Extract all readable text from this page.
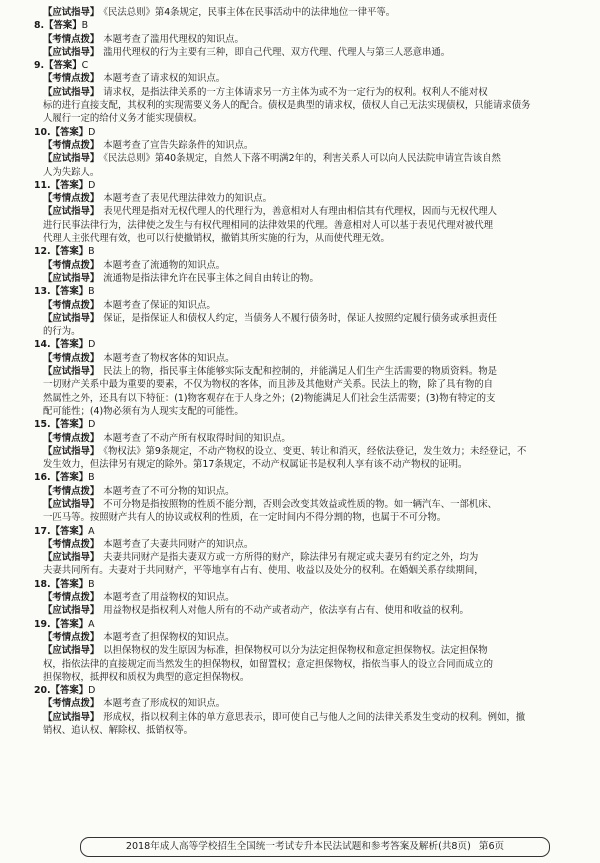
【应试指导】 《民法总则》第4条规定，民事主体在民事活动中的法律地位一律平等。
8.【答案】B
【考情点拨】 本题考查了滥用代理权的知识点。
【应试指导】 滥用代理权的行为主要有三种，即自己代理、双方代理、代理人与第三人恶意串通。
9.【答案】C
【考情点拨】 本题考查了请求权的知识点。
【应试指导】 请求权，是指法律关系的一方主体请求另一方主体为或不为一定行为的权利。权利人不能对权
标的进行直接支配，其权利的实现需要义务人的配合。债权是典型的请求权，债权人自己无法实现债权，只能请求债务
人履行一定的给付义务才能实现债权。
10.【答案】D
【考情点拨】 本题考查了宣告失踪条件的知识点。
【应试指导】 《民法总则》第40条规定，自然人下落不明满2年的，利害关系人可以向人民法院申请宣告该自然
人为失踪人。
11.【答案】D
【考情点拨】 本题考查了表见代理法律效力的知识点。
【应试指导】 表见代理是指对无权代理人的代理行为，善意相对人有理由相信其有代理权，因而与无权代理人
进行民事法律行为，法律使之发生与有权代理相同的法律效果的代理。善意相对人可以基于表见代理对被代理
代理人主张代理有效，也可以行使撤销权，撤销其所实施的行为，从而使代理无效。
12.【答案】B
【考情点拨】 本题考查了流通物的知识点。
【应试指导】 流通物是指法律允许在民事主体之间自由转让的物。
13.【答案】B
【考情点拨】 本题考查了保证的知识点。
【应试指导】 保证，是指保证人和债权人约定，当债务人不履行债务时，保证人按照约定履行债务或承担责任
的行为。
14.【答案】D
【考情点拨】 本题考查了物权客体的知识点。
【应试指导】 民法上的物，指民事主体能够实际支配和控制的，并能满足人们生产生活需要的物质资料。物是
一切财产关系中最为重要的要素，不仅为物权的客体，而且涉及其他财产关系。民法上的物，除了具有物的自
然属性之外，还具有以下特征：(1)物客观存在于人身之外；(2)物能满足人们社会生活需要；(3)物有特定的支
配可能性；(4)物必须有为人现实支配的可能性。
15.【答案】D
【考情点拨】 本题考查了不动产所有权取得时间的知识点。
【应试指导】 《物权法》第9条规定，不动产物权的设立、变更、转让和消灭，经依法登记，发生效力；未经登记，不
发生效力，但法律另有规定的除外。第17条规定，不动产权属证书是权利人享有该不动产物权的证明。
16.【答案】B
【考情点拨】 本题考查了不可分物的知识点。
【应试指导】 不可分物是指按照物的性质不能分割，否则会改变其效益或性质的物。如一辆汽车、一部机床、
一匹马等。按照财产共有人的协议或权利的性质，在一定时间内不得分割的物，也属于不可分物。
17.【答案】A
【考情点拨】 本题考查了夫妻共同财产的知识点。
【应试指导】 夫妻共同财产是指夫妻双方或一方所得的财产，除法律另有规定或夫妻另有约定之外，均为
夫妻共同所有。夫妻对于共同财产，平等地享有占有、使用、收益以及处分的权利。在婚姻关系存续期间，
18.【答案】B
【考情点拨】 本题考查了用益物权的知识点。
【应试指导】 用益物权是指权利人对他人所有的不动产或者动产，依法享有占有、使用和收益的权利。
19.【答案】A
【考情点拨】 本题考查了担保物权的知识点。
【应试指导】 以担保物权的发生原因为标准，担保物权可以分为法定担保物权和意定担保物权。法定担保物
权，指依法律的直接规定而当然发生的担保物权，如留置权；意定担保物权，指依当事人的设立合同而成立的
担保物权，抵押权和质权为典型的意定担保物权。
20.【答案】D
【考情点拨】 本题考查了形成权的知识点。
【应试指导】 形成权，指以权利主体的单方意思表示，即可使自己与他人之间的法律关系发生变动的权利。例如，撤
销权、追认权、解除权、抵销权等。
2018年成人高等学校招生全国统一考试专升本民法试题和参考答案及解析(共8页) 第6页
